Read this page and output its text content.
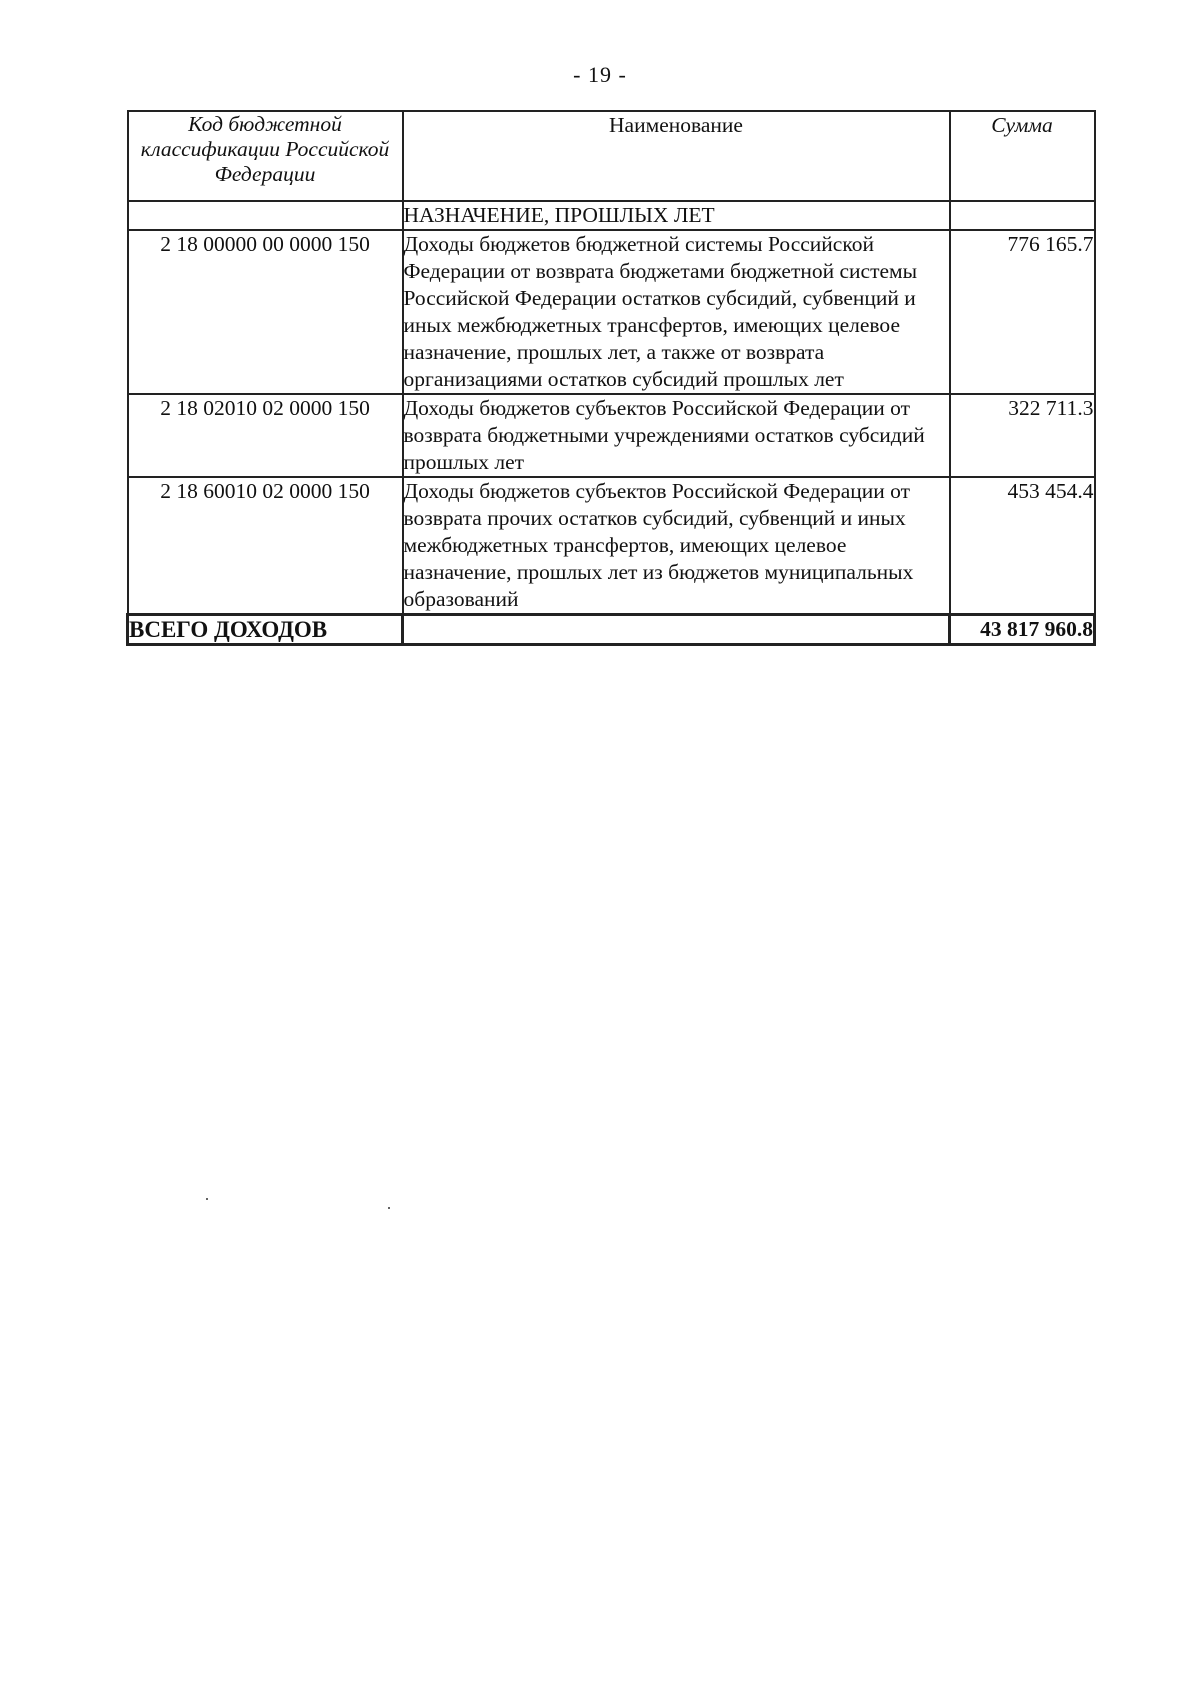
- 19 -
Код бюджетной классификации Российской Федерации	Наименование	Сумма
	НАЗНАЧЕНИЕ, ПРОШЛЫХ ЛЕТ	
2 18 00000 00 0000 150	Доходы бюджетов бюджетной системы Российской Федерации от возврата бюджетами бюджетной системы Российской Федерации остатков субсидий, субвенций и иных межбюджетных трансфертов, имеющих целевое назначение, прошлых лет, а также от возврата организациями остатков субсидий прошлых лет	776 165.7
2 18 02010 02 0000 150	Доходы бюджетов субъектов Российской Федерации от возврата бюджетными учреждениями остатков субсидий прошлых лет	322 711.3
2 18 60010 02 0000 150	Доходы бюджетов субъектов Российской Федерации от возврата прочих остатков субсидий, субвенций и иных межбюджетных трансфертов, имеющих целевое назначение, прошлых лет из бюджетов муниципальных образований	453 454.4
ВСЕГО ДОХОДОВ		43 817 960.8
